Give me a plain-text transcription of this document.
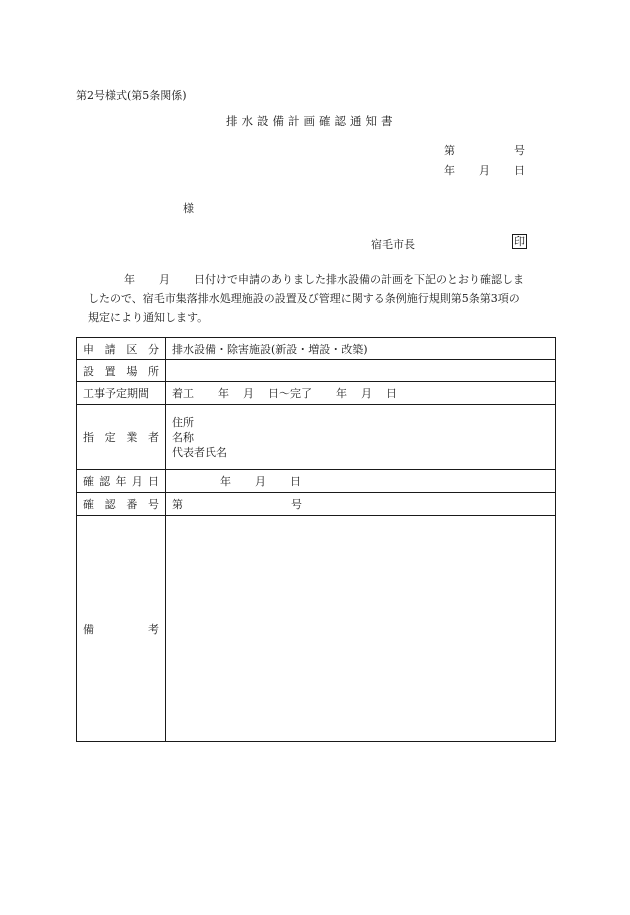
第2号様式(第5条関係)
排水設備計画確認通知書
第	号
年 月 日
様
宿毛市長	印
年 月 日付けで申請のありました排水設備の計画を下記のとおり確認しま
したので、宿毛市集落排水処理施設の設置及び管理に関する条例施行規則第5条第3項の
規定により通知します。
申請区分	排水設備・除害施設(新設・増設・改築)
設置場所	
工事予定期間	着工 年 月 日〜完了 年 月 日
指定業者	住所
名称
代表者氏名

確認年月日	年 月 日
確認番号	第 号
備考	
